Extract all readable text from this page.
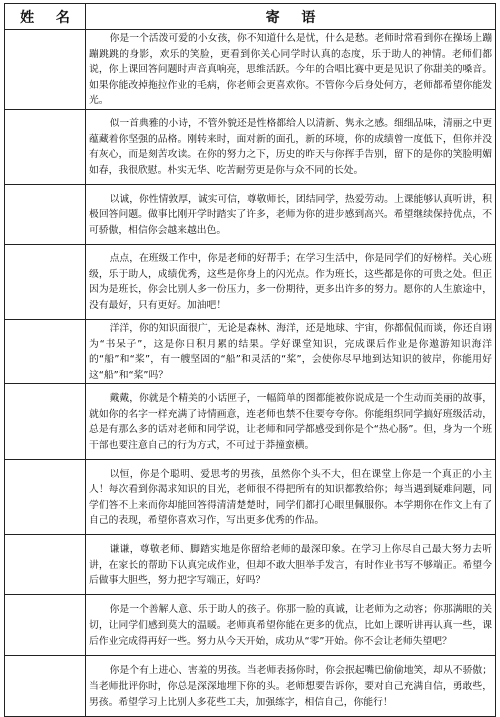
姓 名	寄 语

	你是一个活泼可爱的小女孩，你不知道什么是忧，什么是愁。老师时常看到你在操场上蹦蹦跳跳的身影，欢乐的笑脸，更看到你关心同学时认真的态度，乐于助人的神情。老师们都说，你上课回答问题时声音真响亮，思维活跃。今年的合唱比赛中更是见识了你甜美的嗓音。如果你能改掉拖拉作业的毛病，你老师会更喜欢你。不管你今后身处何方，老师都希望你能发光。

	似一首典雅的小诗，不管外貌还是性格都给人以清新、隽永之感。细细品味，清丽之中更蕴藏着你坚强的品格。刚转来时，面对新的面孔，新的环境，你的成绩曾一度低下，但你并没有灰心，而是刻苦攻读。在你的努力之下，历史的昨天与你挥手告别，留下的是你的笑脸明媚如春，我很欣慰。朴实无华、吃苦耐劳更是你与众不同的长处。

	以诚，你性情敦厚，诚实可信，尊敬师长，团结同学，热爱劳动。上课能够认真听讲，积极回答问题。做事比刚开学时踏实了许多，老师为你的进步感到高兴。希望继续保持优点，不可骄傲，相信你会越来越出色。

	点点，在班级工作中，你是老师的好帮手；在学习生活中，你是同学们的好榜样。关心班级，乐于助人，成绩优秀，这些是你身上的闪光点。作为班长，这些都是你的可贵之处。但正因为是班长，你会比别人多一份压力，多一份期待，更多出许多的努力。愿你的人生旅途中，没有最好，只有更好。加油吧！

	洋洋，你的知识面很广，无论是森林、海洋，还是地球、宇宙，你都侃侃而谈，你还自诩为“书呆子”，这是你日积月累的结果。学好课堂知识，完成课后作业是你遨游知识海洋的“船”和“桨”，有一艘坚固的“船”和灵活的“桨”，会使你尽早地到达知识的彼岸，你能用好这“船”和“桨”吗？

	戴戴，你就是个精美的小话匣子，一幅简单的图都能被你说成是一个生动而美丽的故事，就如你的名字一样充满了诗情画意，连老师也禁不住要夸夸你。你能组织同学搞好班级活动，总是有那么多的话对老师和同学说，让老师和同学都感受到你是个“热心肠”。但，身为一个班干部也要注意自己的行为方式，不可过于莽撞蛮横。

	以恒，你是个聪明、爱思考的男孩，虽然你个头不大，但在课堂上你是一个真正的小主人！每次看到你渴求知识的目光，老师很不得把所有的知识都教给你；每当遇到疑难问题，同学们答不上来而你却能回答得清清楚楚时，同学们都打心眼里佩服你。本学期你在作文上有了自己的表现，希望你喜欢习作，写出更多优秀的作品。

	谦谦，尊敬老师、脚踏实地是你留给老师的最深印象。在学习上你尽自己最大努力去听讲，在家长的帮助下认真完成作业，但却不敢大胆举手发言，有时作业书写不够端正。希望今后做事大胆些，努力把字写端正，好吗？

	你是一个善解人意、乐于助人的孩子。你那一脸的真诚，让老师为之动容；你那满眼的关切，让同学们感到莫大的温暖。老师真希望你能在更多的优点，比如上课听讲再认真一些，课后作业完成得再好一些。努力从今天开始，成功从“零”开始。你不会让老师失望吧？

	你是个有上进心、害羞的男孩。当老师表扬你时，你会抿起嘴巴偷偷地笑，却从不骄傲；当老师批评你时，你总是深深地埋下你的头。老师想要告诉你，要对自己充满自信，勇敢些，男孩。希望学习上比别人多花些工夫，加强练字，相信自己，你能行！
